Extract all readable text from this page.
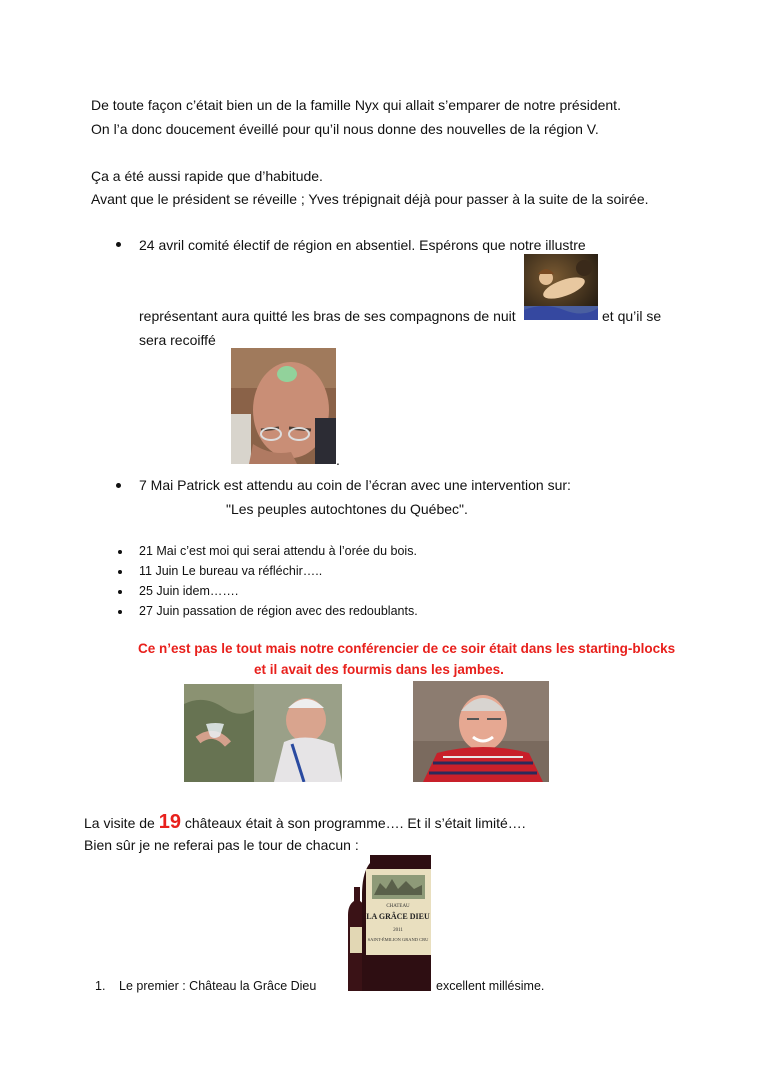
De toute façon c’était bien un de la famille Nyx qui allait s’emparer de notre président.
On l’a donc doucement éveillé pour qu’il nous donne des nouvelles de la région V.
Ça a été aussi rapide que d’habitude.
Avant que le président se réveille ; Yves trépignait déjà pour passer à la suite de la soirée.
24 avril comité électif de région en absentiel. Espérons que notre illustre
représentant aura quitté les bras de ses compagnons de nuit	et qu’il se
sera recoiffé
.
7 Mai Patrick est attendu au coin de l’écran avec une intervention sur:
"Les peuples autochtones du Québec".
21 Mai c’est moi qui serai attendu à l’orée du bois.
11 Juin Le bureau va réfléchir…..
25 Juin idem…….
27 Juin passation de région avec des redoublants.
Ce n’est pas le tout mais notre conférencier de ce soir était dans les starting-blocks
et il avait des fourmis dans les jambes.
La visite de 19 châteaux était à son programme…. Et il s’était limité….
Bien sûr je ne referai pas le tour de chacun :
CHATEAU
LA GRÂCE DIEU
2011
SAINT-ÉMILION GRAND CRU
1. Le premier : Château la Grâce Dieu	excellent millésime.
